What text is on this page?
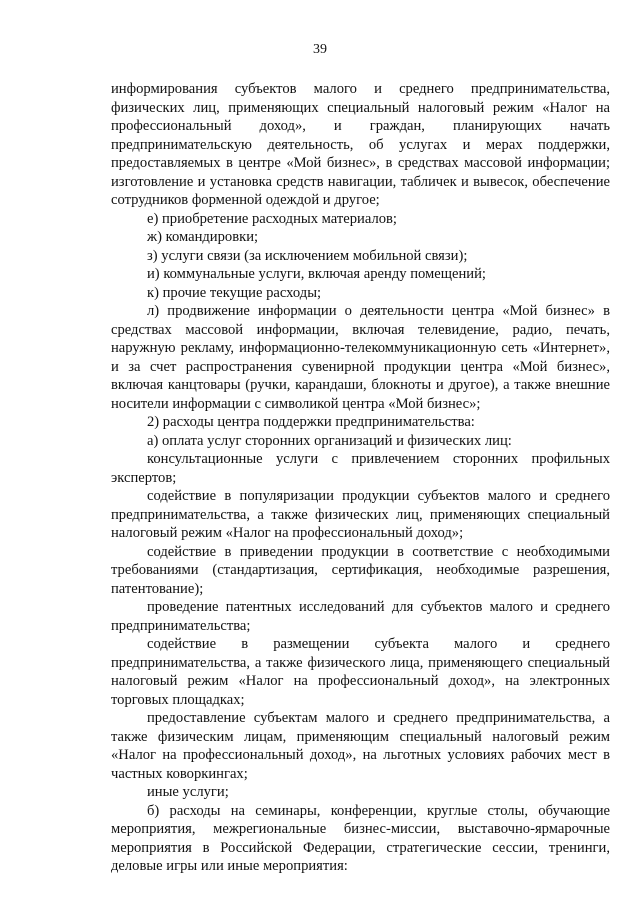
39

информирования субъектов малого и среднего предпринимательства, физических лиц, применяющих специальный налоговый режим «Налог на профессиональный доход», и граждан, планирующих начать предпринимательскую деятельность, об услугах и мерах поддержки, предоставляемых в центре «Мой бизнес», в средствах массовой информации; изготовление и установка средств навигации, табличек и вывесок, обеспечение сотрудников форменной одеждой и другое;

е) приобретение расходных материалов;

ж) командировки;

з) услуги связи (за исключением мобильной связи);

и) коммунальные услуги, включая аренду помещений;

к) прочие текущие расходы;

л) продвижение информации о деятельности центра «Мой бизнес» в средствах массовой информации, включая телевидение, радио, печать, наружную рекламу, информационно-телекоммуникационную сеть «Интернет», и за счет распространения сувенирной продукции центра «Мой бизнес», включая канцтовары (ручки, карандаши, блокноты и другое), а также внешние носители информации с символикой центра «Мой бизнес»;

2) расходы центра поддержки предпринимательства:

а) оплата услуг сторонних организаций и физических лиц:

консультационные услуги с привлечением сторонних профильных экспертов;

содействие в популяризации продукции субъектов малого и среднего предпринимательства, а также физических лиц, применяющих специальный налоговый режим «Налог на профессиональный доход»;

содействие в приведении продукции в соответствие с необходимыми требованиями (стандартизация, сертификация, необходимые разрешения, патентование);

проведение патентных исследований для субъектов малого и среднего предпринимательства;

содействие в размещении субъекта малого и среднего предпринимательства, а также физического лица, применяющего специальный налоговый режим «Налог на профессиональный доход», на электронных торговых площадках;

предоставление субъектам малого и среднего предпринимательства, а также физическим лицам, применяющим специальный налоговый режим «Налог на профессиональный доход», на льготных условиях рабочих мест в частных коворкингах;

иные услуги;

б) расходы на семинары, конференции, круглые столы, обучающие мероприятия, межрегиональные бизнес-миссии, выставочно-ярмарочные мероприятия в Российской Федерации, стратегические сессии, тренинги, деловые игры или иные мероприятия:
